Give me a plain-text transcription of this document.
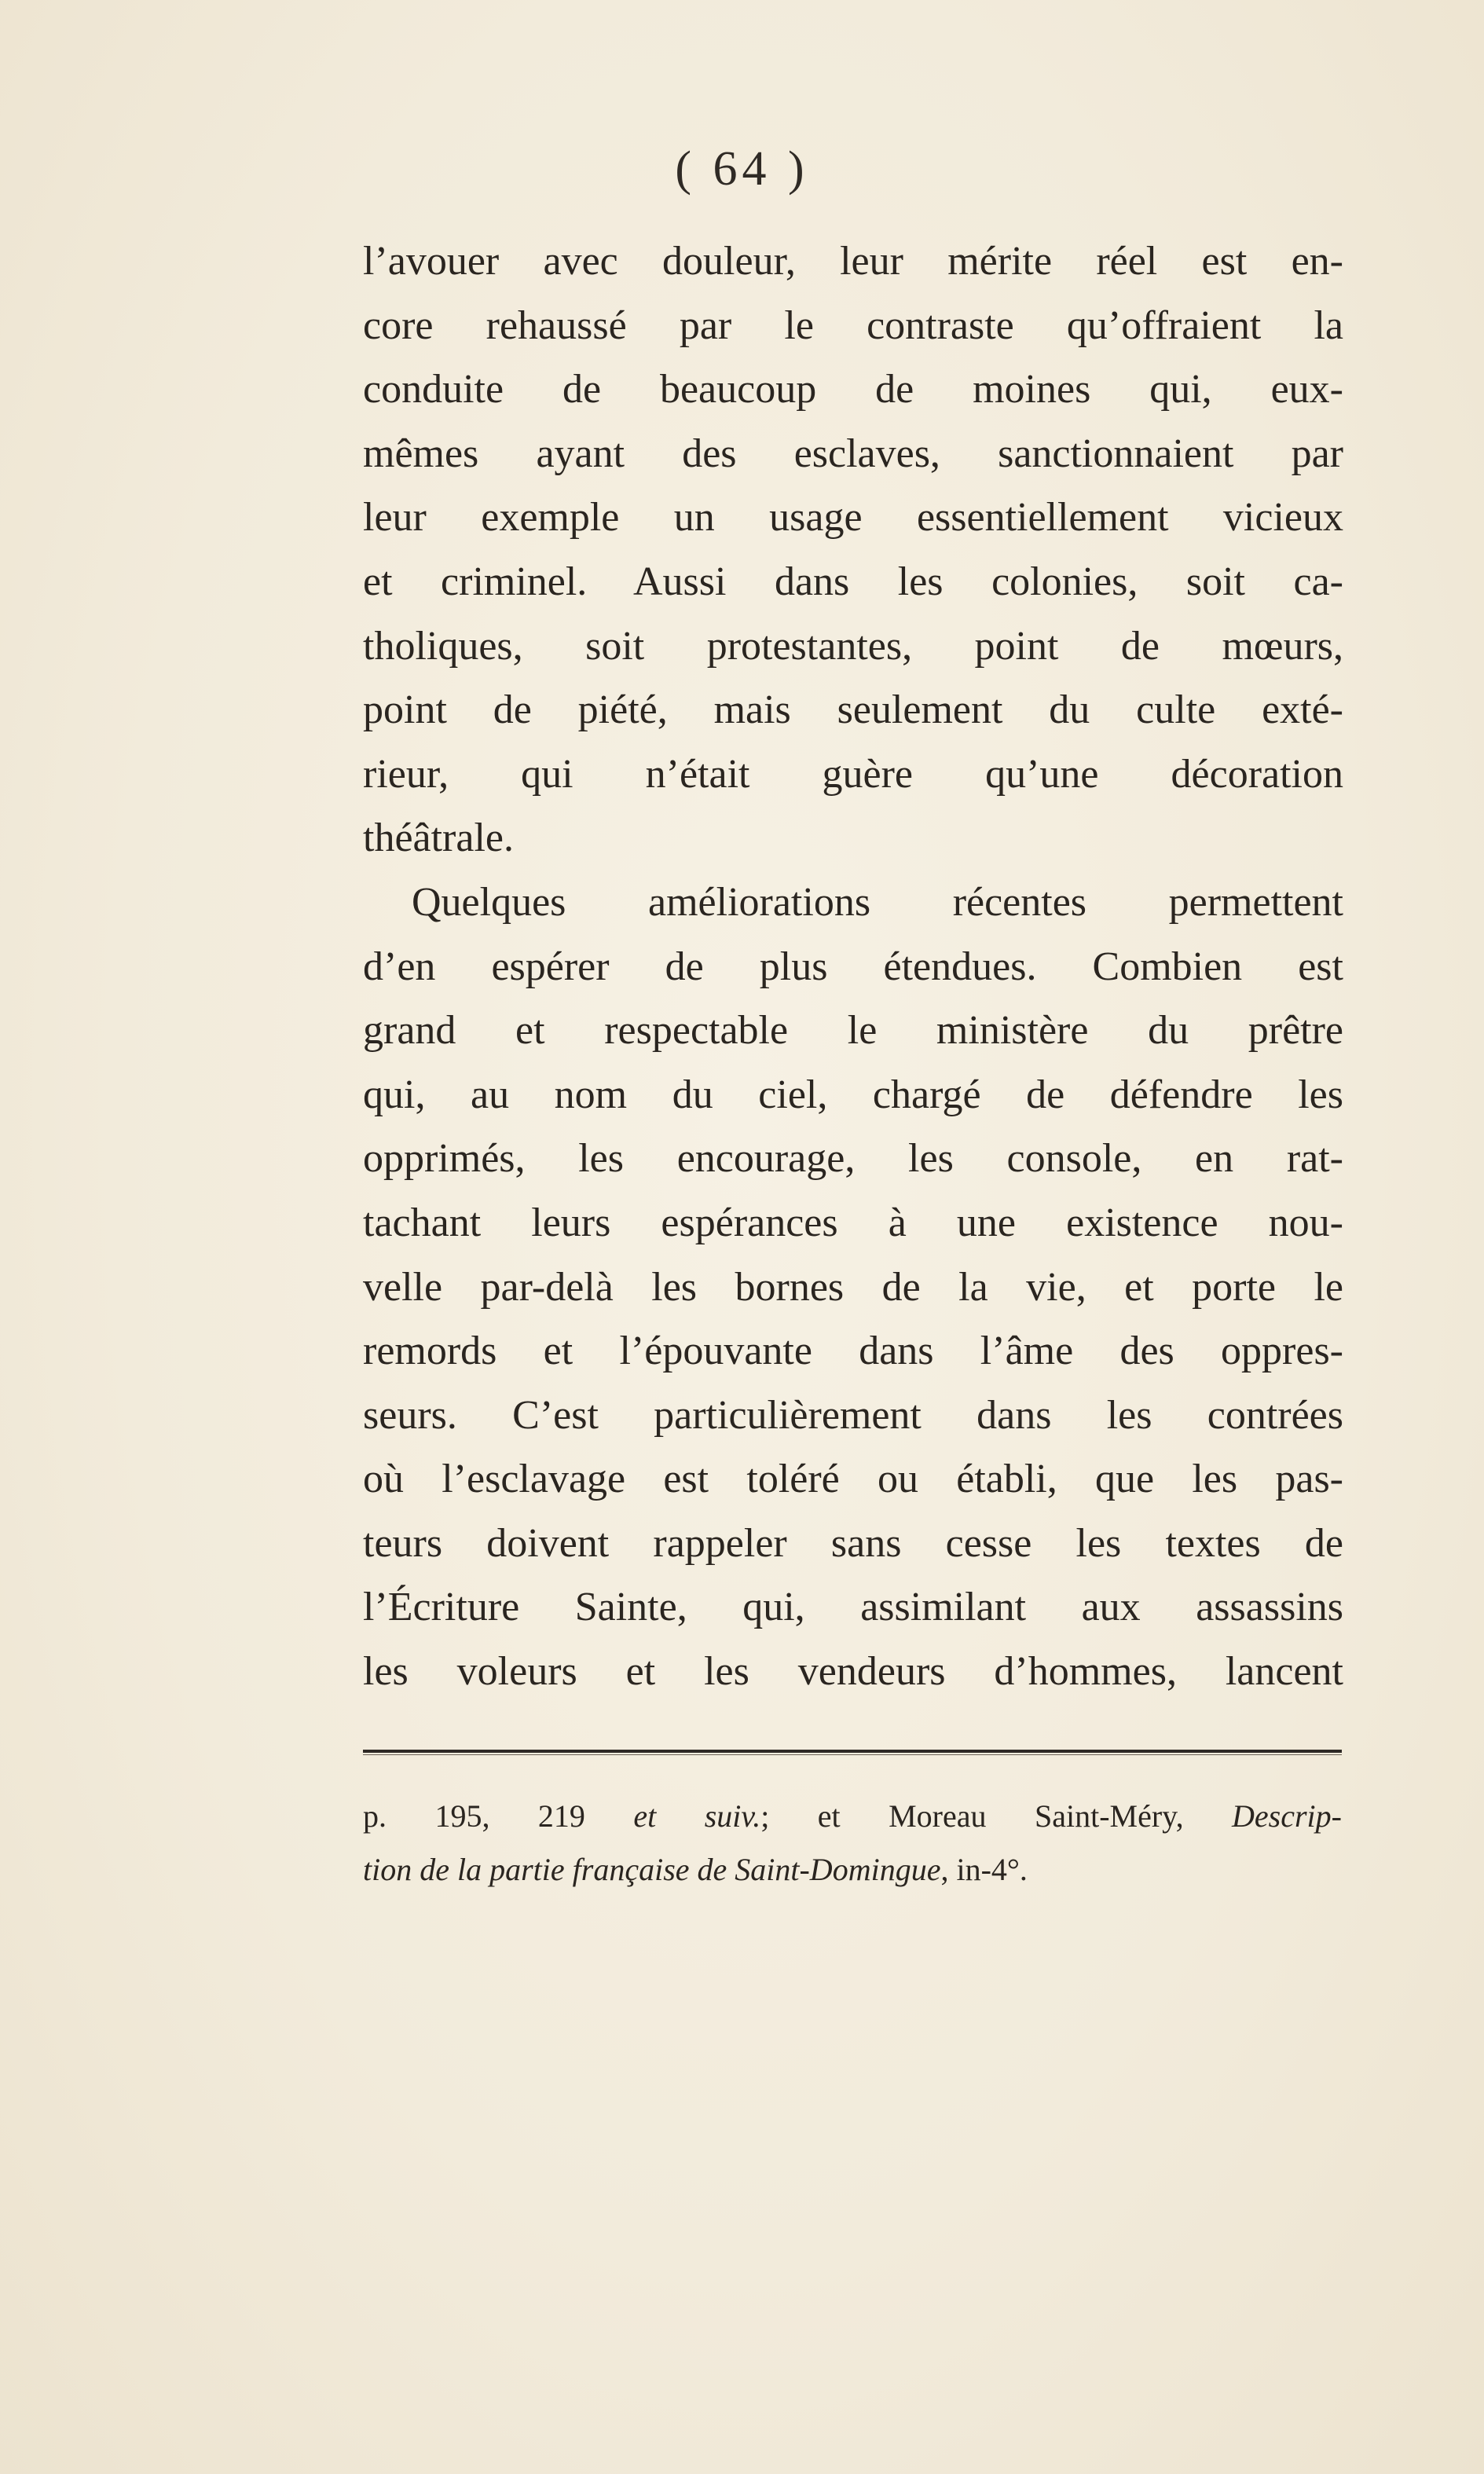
( 64 )
l’avouer avec douleur, leur mérite réel est en-
core rehaussé par le contraste qu’offraient la
conduite de beaucoup de moines qui, eux-
mêmes ayant des esclaves, sanctionnaient par
leur exemple un usage essentiellement vicieux
et criminel. Aussi dans les colonies, soit ca-
tholiques, soit protestantes, point de mœurs,
point de piété, mais seulement du culte exté-
rieur, qui n’était guère qu’une décoration
théâtrale.
Quelques améliorations récentes permettent
d’en espérer de plus étendues. Combien est
grand et respectable le ministère du prêtre
qui, au nom du ciel, chargé de défendre les
opprimés, les encourage, les console, en rat-
tachant leurs espérances à une existence nou-
velle par-delà les bornes de la vie, et porte le
remords et l’épouvante dans l’âme des oppres-
seurs. C’est particulièrement dans les contrées
où l’esclavage est toléré ou établi, que les pas-
teurs doivent rappeler sans cesse les textes de
l’Écriture Sainte, qui, assimilant aux assassins
les voleurs et les vendeurs d’hommes, lancent
p. 195, 219 et suiv.; et Moreau Saint-Méry, Descrip-
tion de la partie française de Saint-Domingue, in-4°.
